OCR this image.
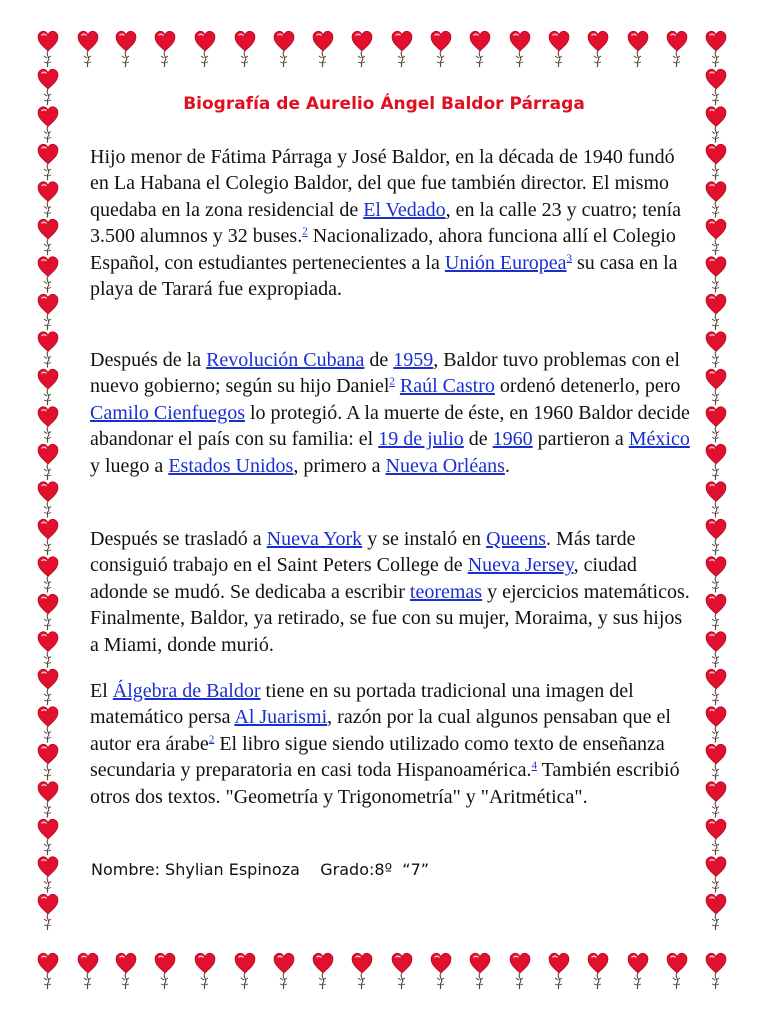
Biografía de Aurelio Ángel Baldor Párraga

Hijo menor de Fátima Párraga y José Baldor, en la década de 1940 fundó en La Habana el Colegio Baldor, del que fue también director. El mismo quedaba en la zona residencial de El Vedado, en la calle 23 y cuatro; tenía 3.500 alumnos y 32 buses.$^2$ Nacionalizado, ahora funciona allí el Colegio Español, con estudiantes pertenecientes a la Unión Europea$^3$ su casa en la playa de Tarará fue expropiada.

Después de la Revolución Cubana de 1959, Baldor tuvo problemas con el nuevo gobierno; según su hijo Daniel$^2$ Raúl Castro ordenó detenerlo, pero Camilo Cienfuegos lo protegió. A la muerte de éste, en 1960 Baldor decide abandonar el país con su familia: el 19 de julio de 1960 partieron a México y luego a Estados Unidos, primero a Nueva Orléans.

Después se trasladó a Nueva York y se instaló en Queens. Más tarde consiguió trabajo en el Saint Peters College de Nueva Jersey, ciudad adonde se mudó. Se dedicaba a escribir teoremas y ejercicios matemáticos. Finalmente, Baldor, ya retirado, se fue con su mujer, Moraima, y sus hijos a Miami, donde murió.

El Álgebra de Baldor tiene en su portada tradicional una imagen del matemático persa Al Juarismi, razón por la cual algunos pensaban que el autor era árabe$^2$ El libro sigue siendo utilizado como texto de enseñanza secundaria y preparatoria en casi toda Hispanoamérica.$^4$ También escribió otros dos textos. "Geometría y Trigonometría" y "Aritmética".

Nombre: Shylian Espinoza Grado:8º  “7”
